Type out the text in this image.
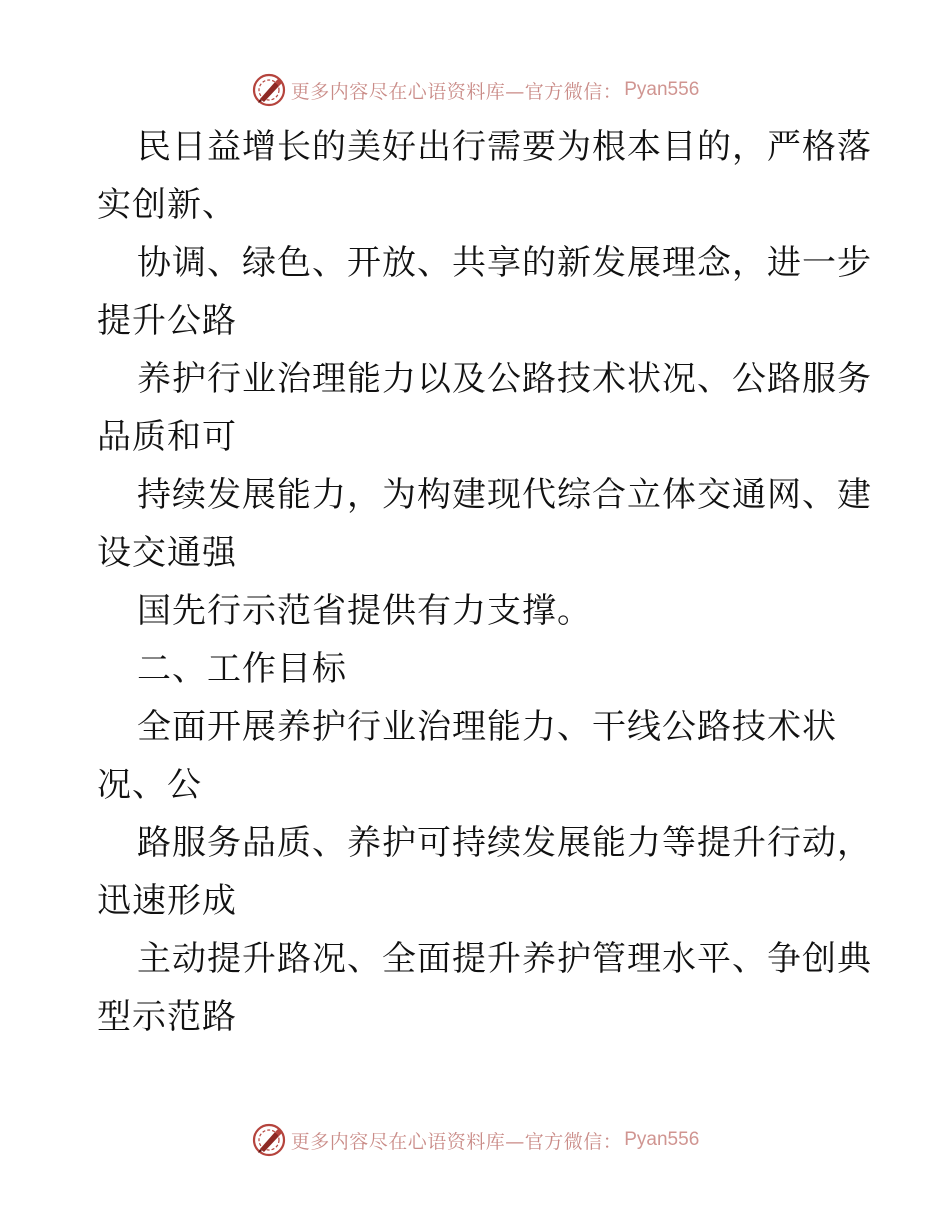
更多内容尽在心语资料库—官方微信： Pyan556
民日益增长的美好出行需要为根本目的，严格落
实创新、
协调、绿色、开放、共享的新发展理念，进一步
提升公路
养护行业治理能力以及公路技术状况、公路服务
品质和可
持续发展能力，为构建现代综合立体交通网、建
设交通强
国先行示范省提供有力支撑。
二、工作目标
全面开展养护行业治理能力、干线公路技术状
况、公
路服务品质、养护可持续发展能力等提升行动，
迅速形成
主动提升路况、全面提升养护管理水平、争创典
型示范路
更多内容尽在心语资料库—官方微信： Pyan556
